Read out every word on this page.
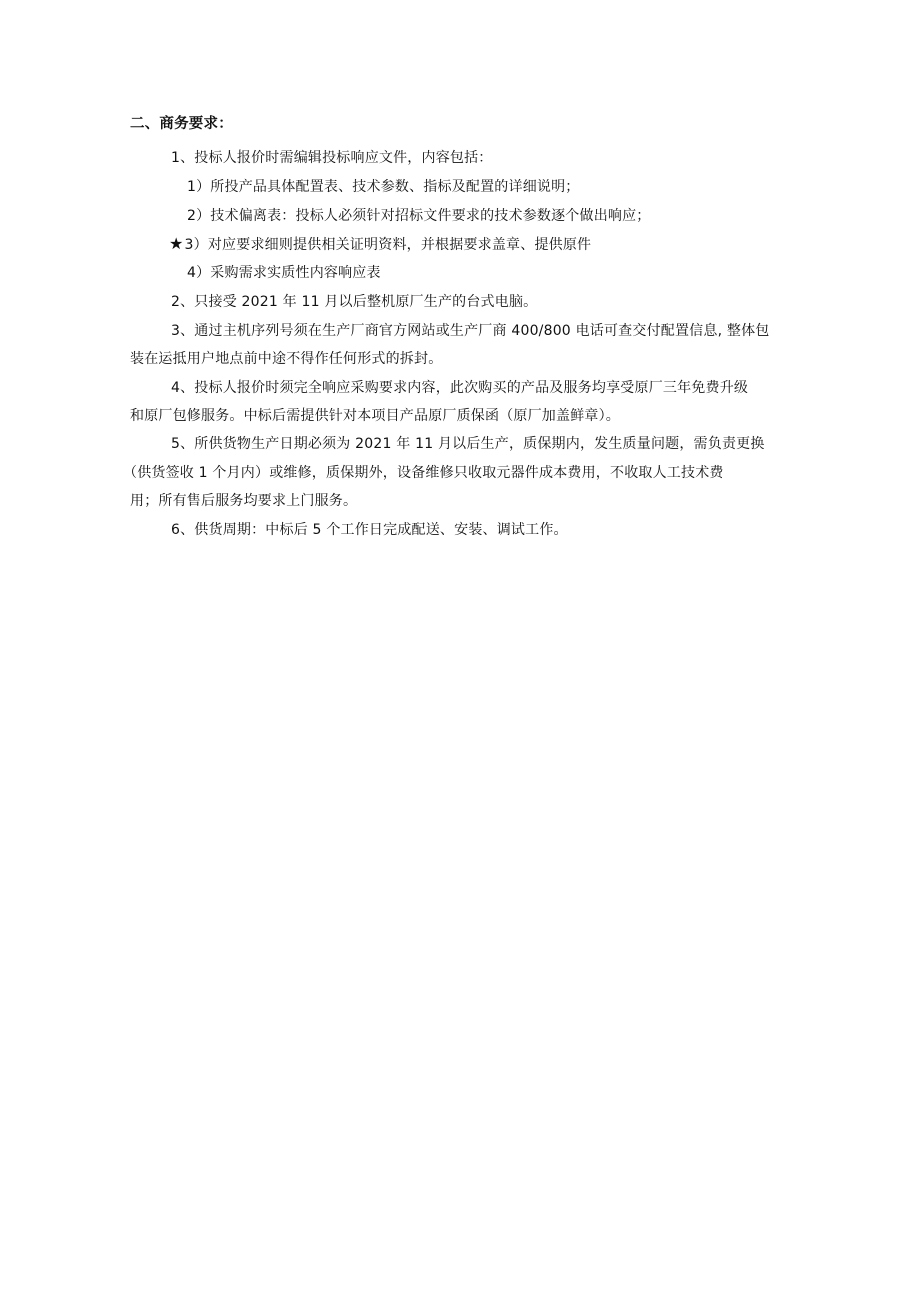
二、商务要求：
1、投标人报价时需编辑投标响应文件，内容包括：
1）所投产品具体配置表、技术参数、指标及配置的详细说明；
2）技术偏离表：投标人必须针对招标文件要求的技术参数逐个做出响应；
★3）对应要求细则提供相关证明资料，并根据要求盖章、提供原件
4）采购需求实质性内容响应表
2、只接受 2021 年 11 月以后整机原厂生产的台式电脑。
3、通过主机序列号须在生产厂商官方网站或生产厂商 400/800 电话可查交付配置信息, 整体包
装在运抵用户地点前中途不得作任何形式的拆封。
4、投标人报价时须完全响应采购要求内容，此次购买的产品及服务均享受原厂三年免费升级
和原厂包修服务。中标后需提供针对本项目产品原厂质保函（原厂加盖鲜章）。
5、所供货物生产日期必须为 2021 年 11 月以后生产，质保期内，发生质量问题，需负责更换
（供货签收 1 个月内）或维修，质保期外，设备维修只收取元器件成本费用，不收取人工技术费
用；所有售后服务均要求上门服务。
6、供货周期：中标后 5 个工作日完成配送、安装、调试工作。
